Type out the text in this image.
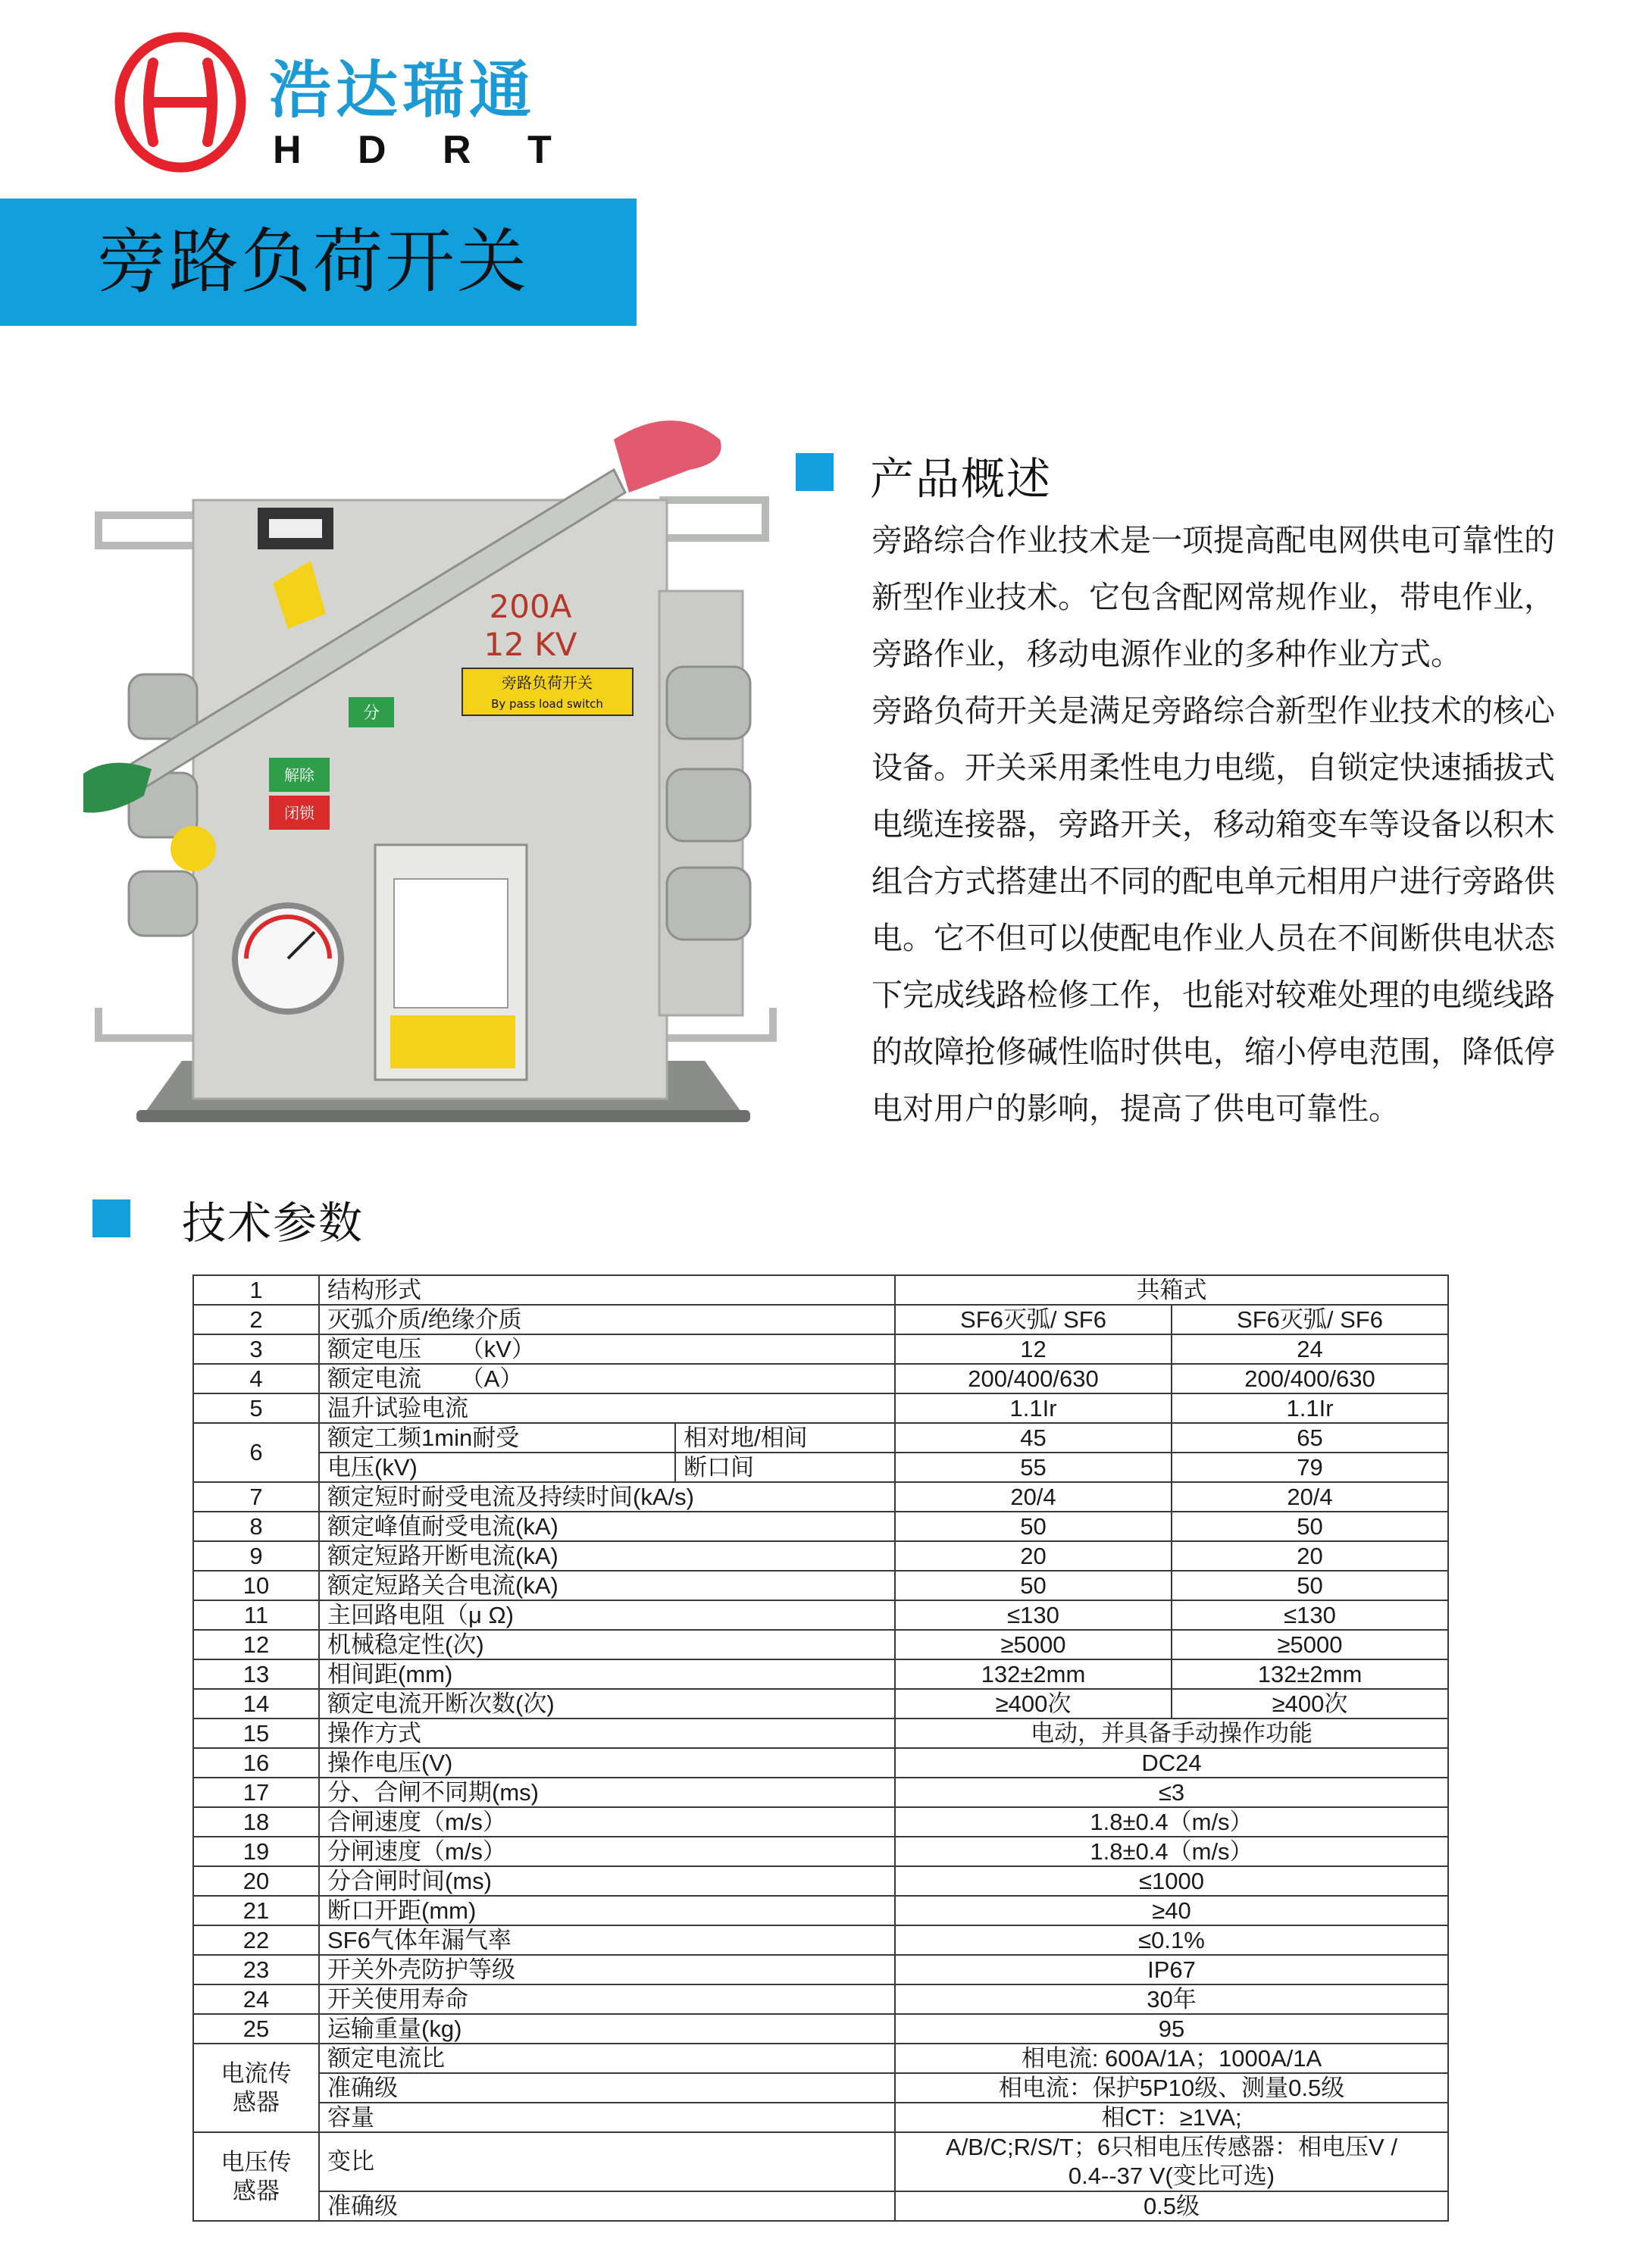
浩达瑞通
H D R T
旁路负荷开关
200A
12 KV
旁路负荷开关
By pass load switch
分
解除
闭锁
产品概述

旁路综合作业技术是一项提高配电网供电可靠性的新型作业技术。它包含配网常规作业，带电作业，旁路作业，移动电源作业的多种作业方式。

旁路负荷开关是满足旁路综合新型作业技术的核心设备。开关采用柔性电力电缆，自锁定快速插拔式电缆连接器，旁路开关，移动箱变车等设备以积木组合方式搭建出不同的配电单元相用户进行旁路供电。它不但可以使配电作业人员在不间断供电状态下完成线路检修工作，也能对较难处理的电缆线路的故障抢修碱性临时供电，缩小停电范围，降低停电对用户的影响，提高了供电可靠性。

技术参数
1	结构形式		共箱式	
2	灭弧介质/绝缘介质		SF6灭弧/ SF6	SF6灭弧/ SF6
3	额定电压      （kV）		12	24
4	额定电流      （A）		200/400/630	200/400/630
5	温升试验电流		1.1Ir	1.1Ir
6	额定工频1min耐受	相对地/相间	45	65
	电压(kV)	断口间	55	79
7	额定短时耐受电流及持续时间(kA/s)		20/4	20/4
8	额定峰值耐受电流(kA)		50	50
9	额定短路开断电流(kA)		20	20
10	额定短路关合电流(kA)		50	50
11	主回路电阻（μ Ω)		≤130	≤130
12	机械稳定性(次)		≥5000	≥5000
13	相间距(mm)		132±2mm	132±2mm
14	额定电流开断次数(次)		≥400次	≥400次
15	操作方式		电动，并具备手动操作功能	
16	操作电压(V)		DC24	
17	分、合闸不同期(ms)		≤3	
18	合闸速度（m/s）		1.8±0.4（m/s）	
19	分闸速度（m/s）		1.8±0.4（m/s）	
20	分合闸时间(ms)		≤1000	
21	断口开距(mm)		≥40	
22	SF6气体年漏气率		≤0.1%	
23	开关外壳防护等级		IP67	
24	开关使用寿命		30年	
25	运输重量(kg)		95	
电流传感器	额定电流比		相电流: 600A/1A；1000A/1A	
	准确级		相电流：保护5P10级、测量0.5级	
	容量		相CT：≥1VA;	
电压传感器	变比		A/B/C;R/S/T；6只相电压传感器：相电压V / 0.4--37 V(变比可选)	
	准确级		0.5级	
